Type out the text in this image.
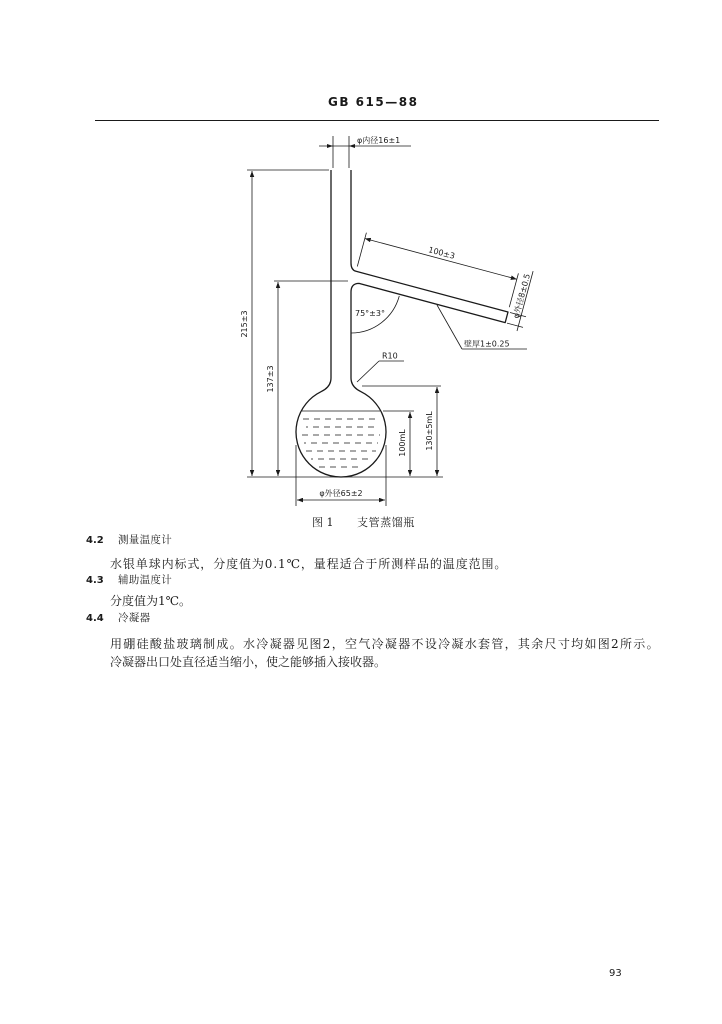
GB 615—88
φ内径16±1
215±3
137±3
100±3
φ外径8±0.5
75°±3°
壁厚1±0.25
R10
130±5mL
100mL
φ外径65±2
图 1 支管蒸馏瓶
4.2 测量温度计
水银单球内标式，分度值为0.1℃，量程适合于所测样品的温度范围。
4.3 辅助温度计
分度值为1℃。
4.4 冷凝器
用硼硅酸盐玻璃制成。水冷凝器见图2，空气冷凝器不设冷凝水套管，其余尺寸均如图2所示。
冷凝器出口处直径适当缩小，使之能够插入接收器。
93
